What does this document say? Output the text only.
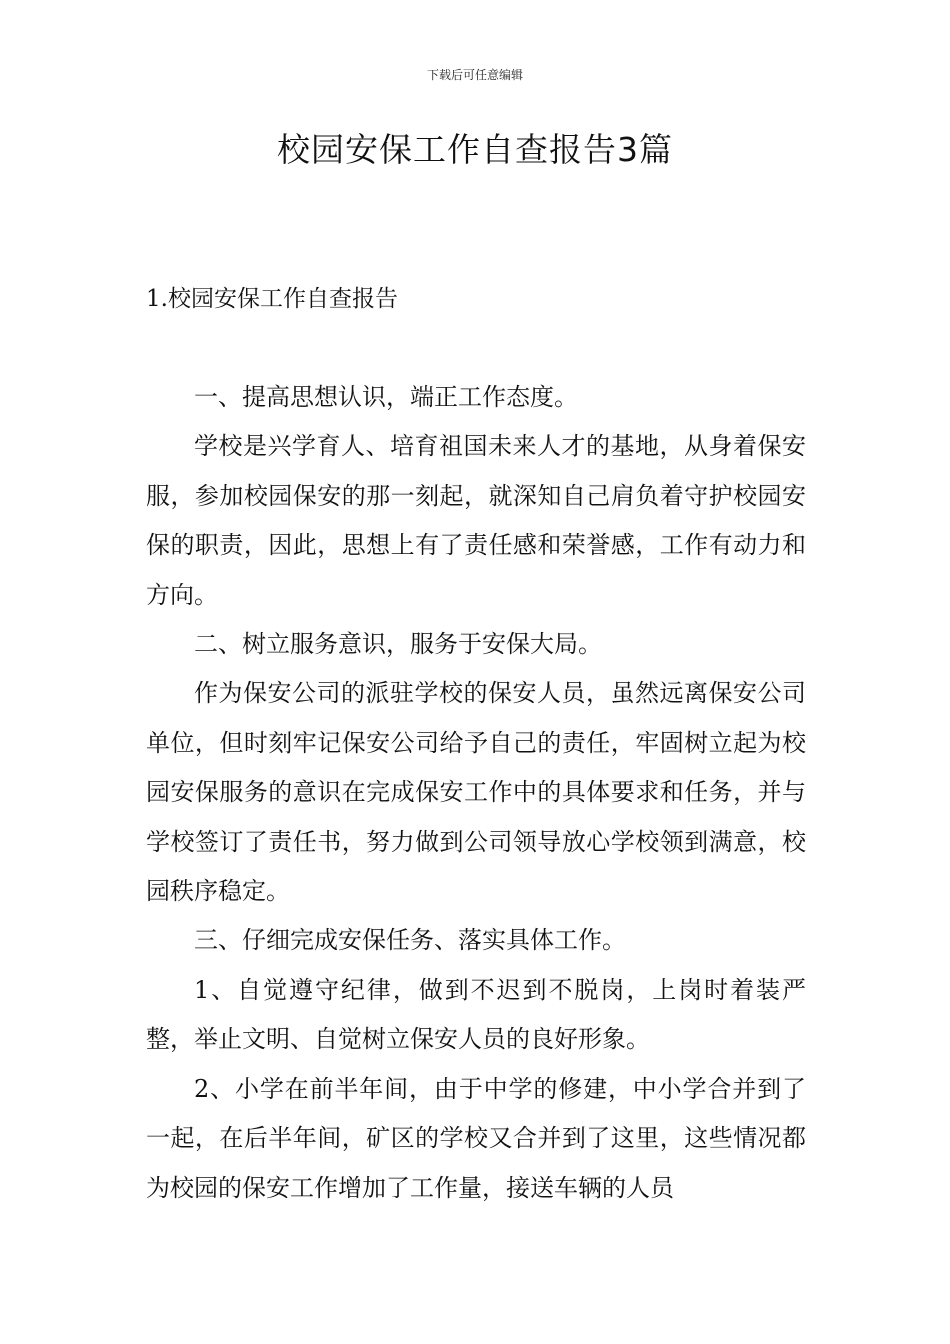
下载后可任意编辑
校园安保工作自查报告3篇
1.校园安保工作自查报告

一、提高思想认识，端正工作态度。

学校是兴学育人、培育祖国未来人才的基地，从身着保安服，参加校园保安的那一刻起，就深知自己肩负着守护校园安保的职责，因此，思想上有了责任感和荣誉感，工作有动力和方向。

二、树立服务意识，服务于安保大局。

作为保安公司的派驻学校的保安人员，虽然远离保安公司单位，但时刻牢记保安公司给予自己的责任，牢固树立起为校园安保服务的意识在完成保安工作中的具体要求和任务，并与学校签订了责任书，努力做到公司领导放心学校领到满意，校园秩序稳定。

三、仔细完成安保任务、落实具体工作。

1、自觉遵守纪律，做到不迟到不脱岗，上岗时着装严整，举止文明、自觉树立保安人员的良好形象。

2、小学在前半年间，由于中学的修建，中小学合并到了一起，在后半年间，矿区的学校又合并到了这里，这些情况都为校园的保安工作增加了工作量，接送车辆的人员
